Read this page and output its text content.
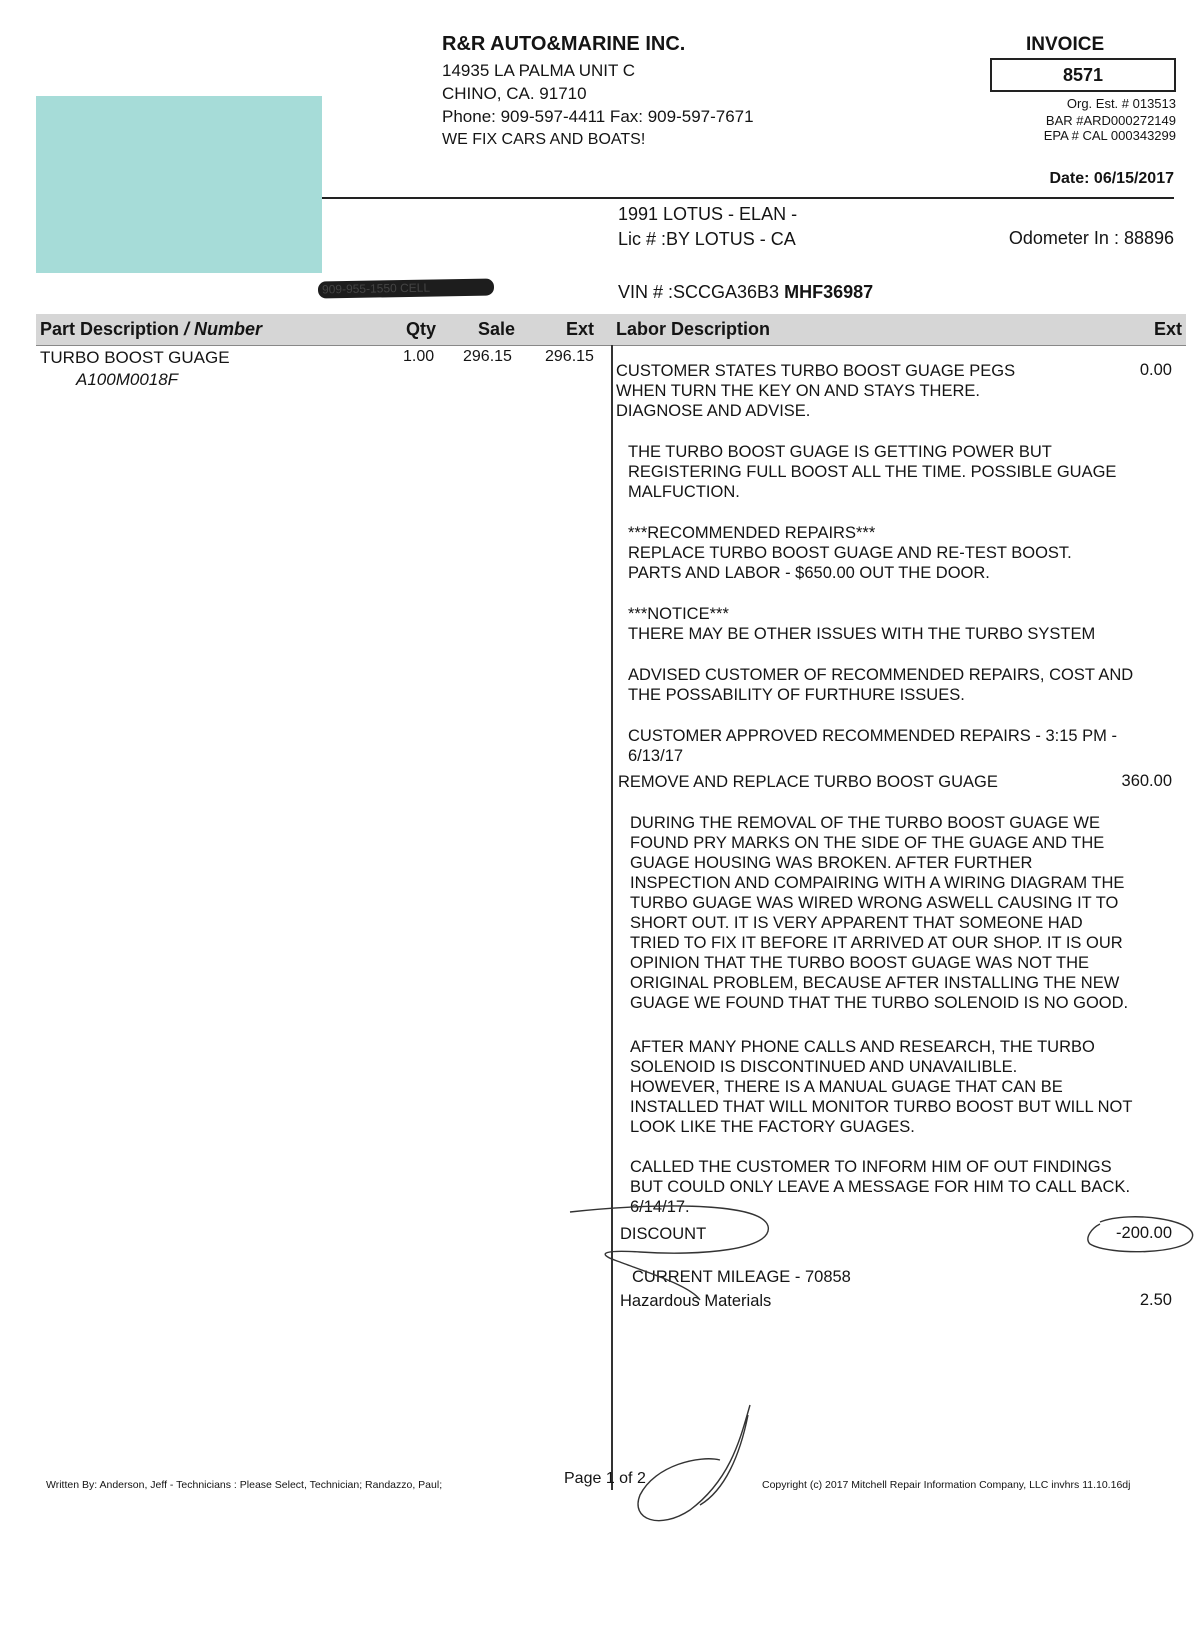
909-955-1550 CELL
R&R AUTO&MARINE INC.
14935 LA PALMA UNIT C
CHINO, CA. 91710
Phone: 909-597-4411 Fax: 909-597-7671
WE FIX CARS AND BOATS!
INVOICE
8571
Org. Est. # 013513
BAR #ARD000272149
EPA # CAL 000343299
Date: 06/15/2017
1991 LOTUS - ELAN -
Lic # :BY LOTUS - CA	Odometer In : 88896
VIN # :SCCGA36B3 MHF36987
Part Description / Number	Qty Sale	Ext Labor Description	Ext
TURBO BOOST GUAGE
A100M0018F
1.00 296.15 296.15
CUSTOMER STATES TURBO BOOST GUAGE PEGS
WHEN TURN THE KEY ON AND STAYS THERE.
DIAGNOSE AND ADVISE.
0.00
THE TURBO BOOST GUAGE IS GETTING POWER BUT
REGISTERING FULL BOOST ALL THE TIME. POSSIBLE GUAGE
MALFUCTION.
***RECOMMENDED REPAIRS***
REPLACE TURBO BOOST GUAGE AND RE-TEST BOOST.
PARTS AND LABOR - $650.00 OUT THE DOOR.
***NOTICE***
THERE MAY BE OTHER ISSUES WITH THE TURBO SYSTEM
ADVISED CUSTOMER OF RECOMMENDED REPAIRS, COST AND
THE POSSABILITY OF FURTHURE ISSUES.
CUSTOMER APPROVED RECOMMENDED REPAIRS - 3:15 PM -
6/13/17
REMOVE AND REPLACE TURBO BOOST GUAGE	360.00
DURING THE REMOVAL OF THE TURBO BOOST GUAGE WE
FOUND PRY MARKS ON THE SIDE OF THE GUAGE AND THE
GUAGE HOUSING WAS BROKEN. AFTER FURTHER
INSPECTION AND COMPAIRING WITH A WIRING DIAGRAM THE
TURBO GUAGE WAS WIRED WRONG ASWELL CAUSING IT TO
SHORT OUT. IT IS VERY APPARENT THAT SOMEONE HAD
TRIED TO FIX IT BEFORE IT ARRIVED AT OUR SHOP. IT IS OUR
OPINION THAT THE TURBO BOOST GUAGE WAS NOT THE
ORIGINAL PROBLEM, BECAUSE AFTER INSTALLING THE NEW
GUAGE WE FOUND THAT THE TURBO SOLENOID IS NO GOOD.
AFTER MANY PHONE CALLS AND RESEARCH, THE TURBO
SOLENOID IS DISCONTINUED AND UNAVAILIBLE.
HOWEVER, THERE IS A MANUAL GUAGE THAT CAN BE
INSTALLED THAT WILL MONITOR TURBO BOOST BUT WILL NOT
LOOK LIKE THE FACTORY GUAGES.
CALLED THE CUSTOMER TO INFORM HIM OF OUT FINDINGS
BUT COULD ONLY LEAVE A MESSAGE FOR HIM TO CALL BACK.
6/14/17.
DISCOUNT	-200.00
CURRENT MILEAGE - 70858
Hazardous Materials	2.50
Written By: Anderson, Jeff - Technicians : Please Select, Technician; Randazzo, Paul;	Page 1 of 2	Copyright (c) 2017 Mitchell Repair Information Company, LLC invhrs 11.10.16dj
